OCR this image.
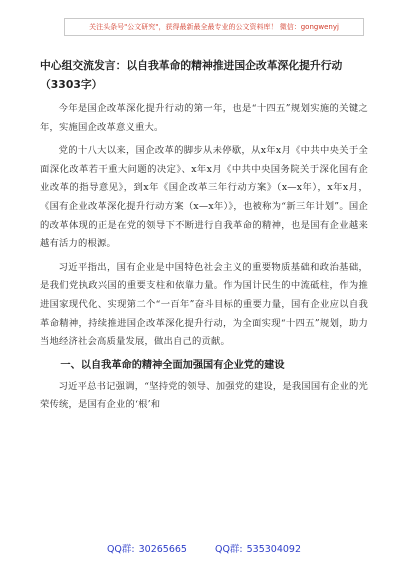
关注头条号"公文研究"，获得最新最全最专业的公文资料库！ 微信：gongwenyj
中心组交流发言：以自我革命的精神推进国企改革深化提升行动（3303字）

今年是国企改革深化提升行动的第一年，也是“十四五”规划实施的关键之年，实施国企改革意义重大。

党的十八大以来，国企改革的脚步从未停歇，从x年x月《中共中央关于全面深化改革若干重大问题的决定》、x年x月《中共中央国务院关于深化国有企业改革的指导意见》，到x年《国企改革三年行动方案》（x—x年），x年x月，《国有企业改革深化提升行动方案（x—x年）》，也被称为“新三年计划”。国企的改革体现的正是在党的领导下不断进行自我革命的精神，也是国有企业越来越有活力的根源。

习近平指出，国有企业是中国特色社会主义的重要物质基础和政治基础，是我们党执政兴国的重要支柱和依靠力量。作为国计民生的中流砥柱，作为推进国家现代化、实现第二个“一百年”奋斗目标的重要力量，国有企业应以自我革命精神，持续推进国企改革深化提升行动，为全面实现“十四五”规划，助力当地经济社会高质量发展，做出自己的贡献。

一、以自我革命的精神全面加强国有企业党的建设

习近平总书记强调，“坚持党的领导、加强党的建设，是我国国有企业的光荣传统，是国有企业的‘根’和

QQ群: 30265665	QQ群: 535304092
